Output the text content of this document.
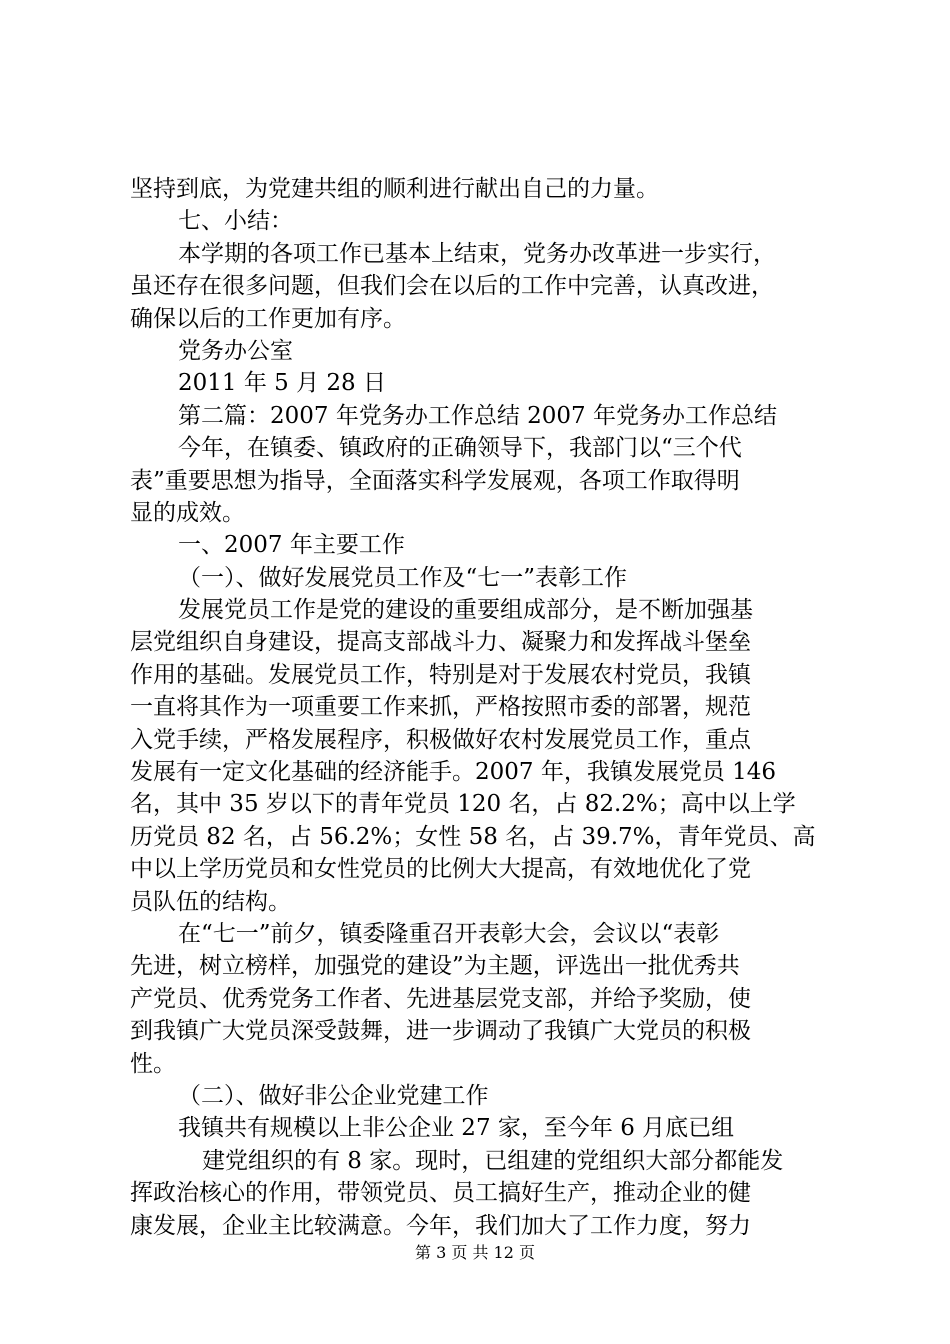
坚持到底，为党建共组的顺利进行献出自己的力量。
七、小结：
本学期的各项工作已基本上结束，党务办改革进一步实行，
虽还存在很多问题，但我们会在以后的工作中完善，认真改进，
确保以后的工作更加有序。
党务办公室
2011 年 5 月 28 日
第二篇：2007 年党务办工作总结 2007 年党务办工作总结
今年，在镇委、镇政府的正确领导下，我部门以“三个代
表”重要思想为指导，全面落实科学发展观，各项工作取得明
显的成效。
一、2007 年主要工作
（一）、做好发展党员工作及“七一”表彰工作
发展党员工作是党的建设的重要组成部分，是不断加强基
层党组织自身建设，提高支部战斗力、凝聚力和发挥战斗堡垒
作用的基础。发展党员工作，特别是对于发展农村党员，我镇
一直将其作为一项重要工作来抓，严格按照市委的部署，规范
入党手续，严格发展程序，积极做好农村发展党员工作，重点
发展有一定文化基础的经济能手。2007 年，我镇发展党员 146
名，其中 35 岁以下的青年党员 120 名，占 82.2%；高中以上学
历党员 82 名，占 56.2%；女性 58 名，占 39.7%，青年党员、高
中以上学历党员和女性党员的比例大大提高，有效地优化了党
员队伍的结构。
在“七一”前夕，镇委隆重召开表彰大会，会议以“表彰
先进，树立榜样，加强党的建设”为主题，评选出一批优秀共
产党员、优秀党务工作者、先进基层党支部，并给予奖励，使
到我镇广大党员深受鼓舞，进一步调动了我镇广大党员的积极
性。
（二）、做好非公企业党建工作
我镇共有规模以上非公企业 27 家，至今年 6 月底已组
建党组织的有 8 家。现时，已组建的党组织大部分都能发
挥政治核心的作用，带领党员、员工搞好生产，推动企业的健
康发展，企业主比较满意。今年，我们加大了工作力度，努力
第 3 页 共 12 页
